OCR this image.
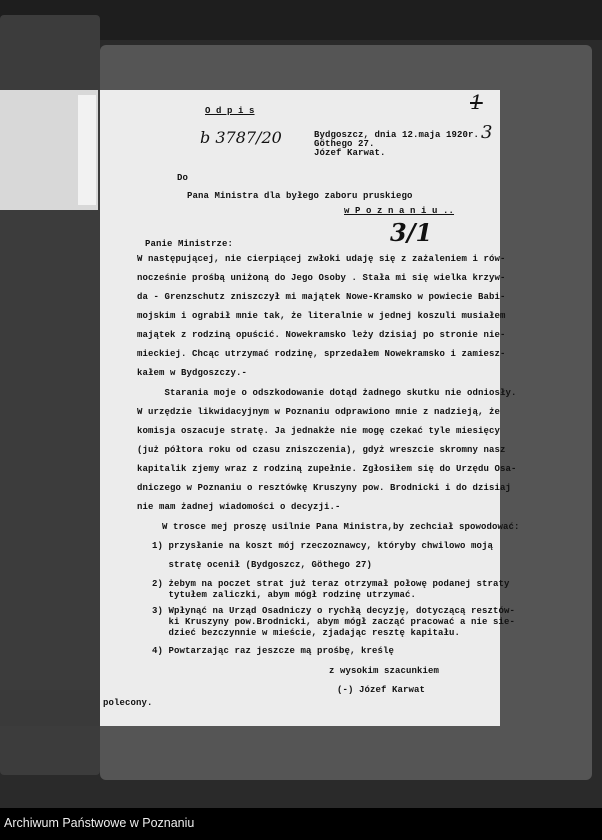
O d p i s
b 3787/20
1
3
Bydgoszcz, dnia 12.maja 1920r.
Göthego 27.
Józef Karwat.
Do
Pana Ministra dla byłego zaboru pruskiego
w P o z n a n i u ..
3/1
Panie Ministrze:
W następującej, nie cierpiącej zwłoki udaję się z zażaleniem i rów-
nocześnie prośbą uniżoną do Jego Osoby . Stała mi się wielka krzyw-
da - Grenzschutz zniszczył mi majątek Nowe-Kramsko w powiecie Babi-
mojskim i ograbił mnie tak, że literalnie w jednej koszuli musiałem
majątek z rodziną opuścić. Nowekramsko leży dzisiaj po stronie nie-
mieckiej. Chcąc utrzymać rodzinę, sprzedałem Nowekramsko i zamiesz-
kałem w Bydgoszczy.-
Starania moje o odszkodowanie dotąd żadnego skutku nie odniosły.
W urzędzie likwidacyjnym w Poznaniu odprawiono mnie z nadzieją, że
komisja oszacuje stratę. Ja jednakże nie mogę czekać tyle miesięcy
(już półtora roku od czasu zniszczenia), gdyż wreszcie skromny nasz
kapitalik zjemy wraz z rodziną zupełnie. Zgłosiłem się do Urzędu Osa-
dniczego w Poznaniu o resztówkę Kruszyny pow. Brodnicki i do dzisiaj
nie mam żadnej wiadomości o decyzji.-
W trosce mej proszę usilnie Pana Ministra,by zechciał spowodować:
1) przysłanie na koszt mój rzeczoznawcy, któryby chwilowo moją
stratę ocenił (Bydgoszcz, Göthego 27)
2) żebym na poczet strat już teraz otrzymał połowę podanej straty
tytułem zaliczki, abym mógł rodzinę utrzymać.
3) Wpłynąć na Urząd Osadniczy o rychłą decyzję, dotyczącą resztów-
ki Kruszyny pow.Brodnicki, abym mógł zacząć pracować a nie sie-
dzieć bezczynnie w mieście, zjadając resztę kapitału.
4) Powtarzając raz jeszcze mą prośbę, kreślę
z wysokim szacunkiem
(-) Józef Karwat
polecony.
Archiwum Państwowe w Poznaniu
